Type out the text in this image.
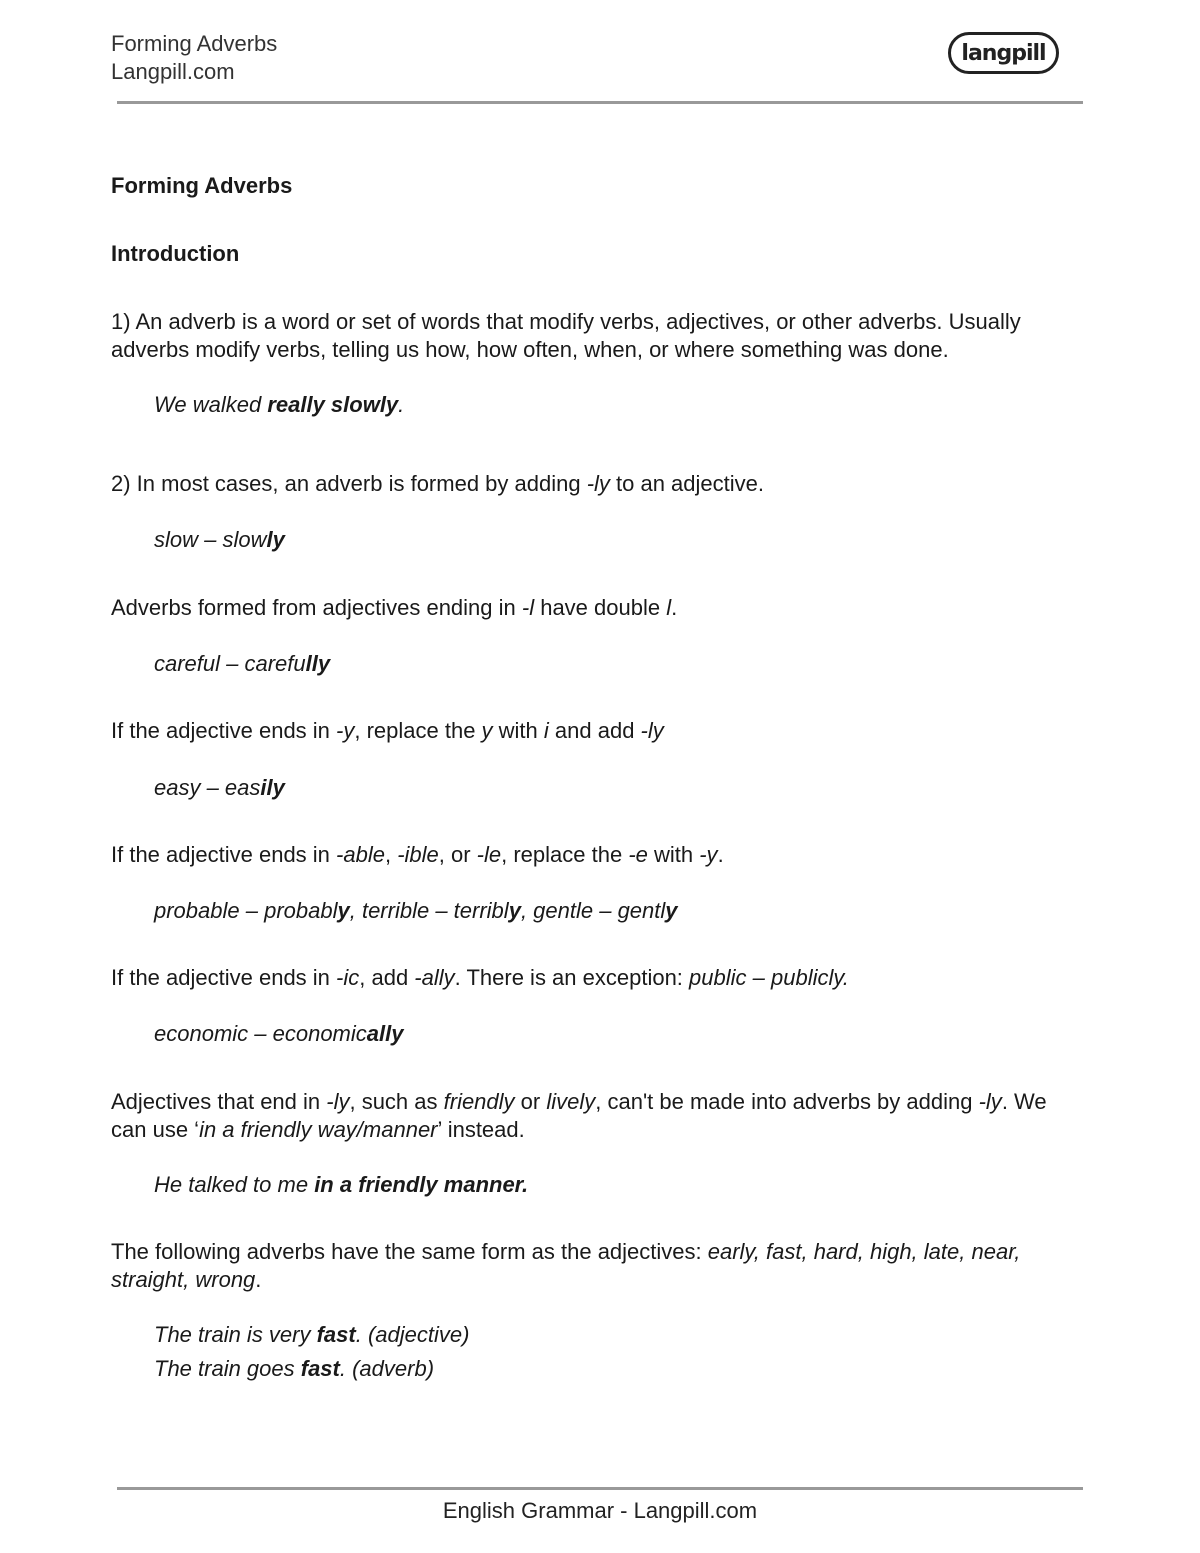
Forming Adverbs
Langpill.com
langpill

Forming Adverbs

Introduction

1) An adverb is a word or set of words that modify verbs, adjectives, or other adverbs. Usually adverbs modify verbs, telling us how, how often, when, or where something was done.

We walked really slowly.

2) In most cases, an adverb is formed by adding -ly to an adjective.

slow – slowly

Adverbs formed from adjectives ending in -l have double l.

careful – carefully

If the adjective ends in -y, replace the y with i and add -ly

easy – easily

If the adjective ends in -able, -ible, or -le, replace the -e with -y.

probable – probably, terrible – terribly, gentle – gently

If the adjective ends in -ic, add -ally. There is an exception: public – publicly.

economic – economically

Adjectives that end in -ly, such as friendly or lively, can't be made into adverbs by adding -ly. We can use ‘in a friendly way/manner’ instead.

He talked to me in a friendly manner.

The following adverbs have the same form as the adjectives: early, fast, hard, high, late, near, straight, wrong.

The train is very fast. (adjective)

The train goes fast. (adverb)

English Grammar - Langpill.com
